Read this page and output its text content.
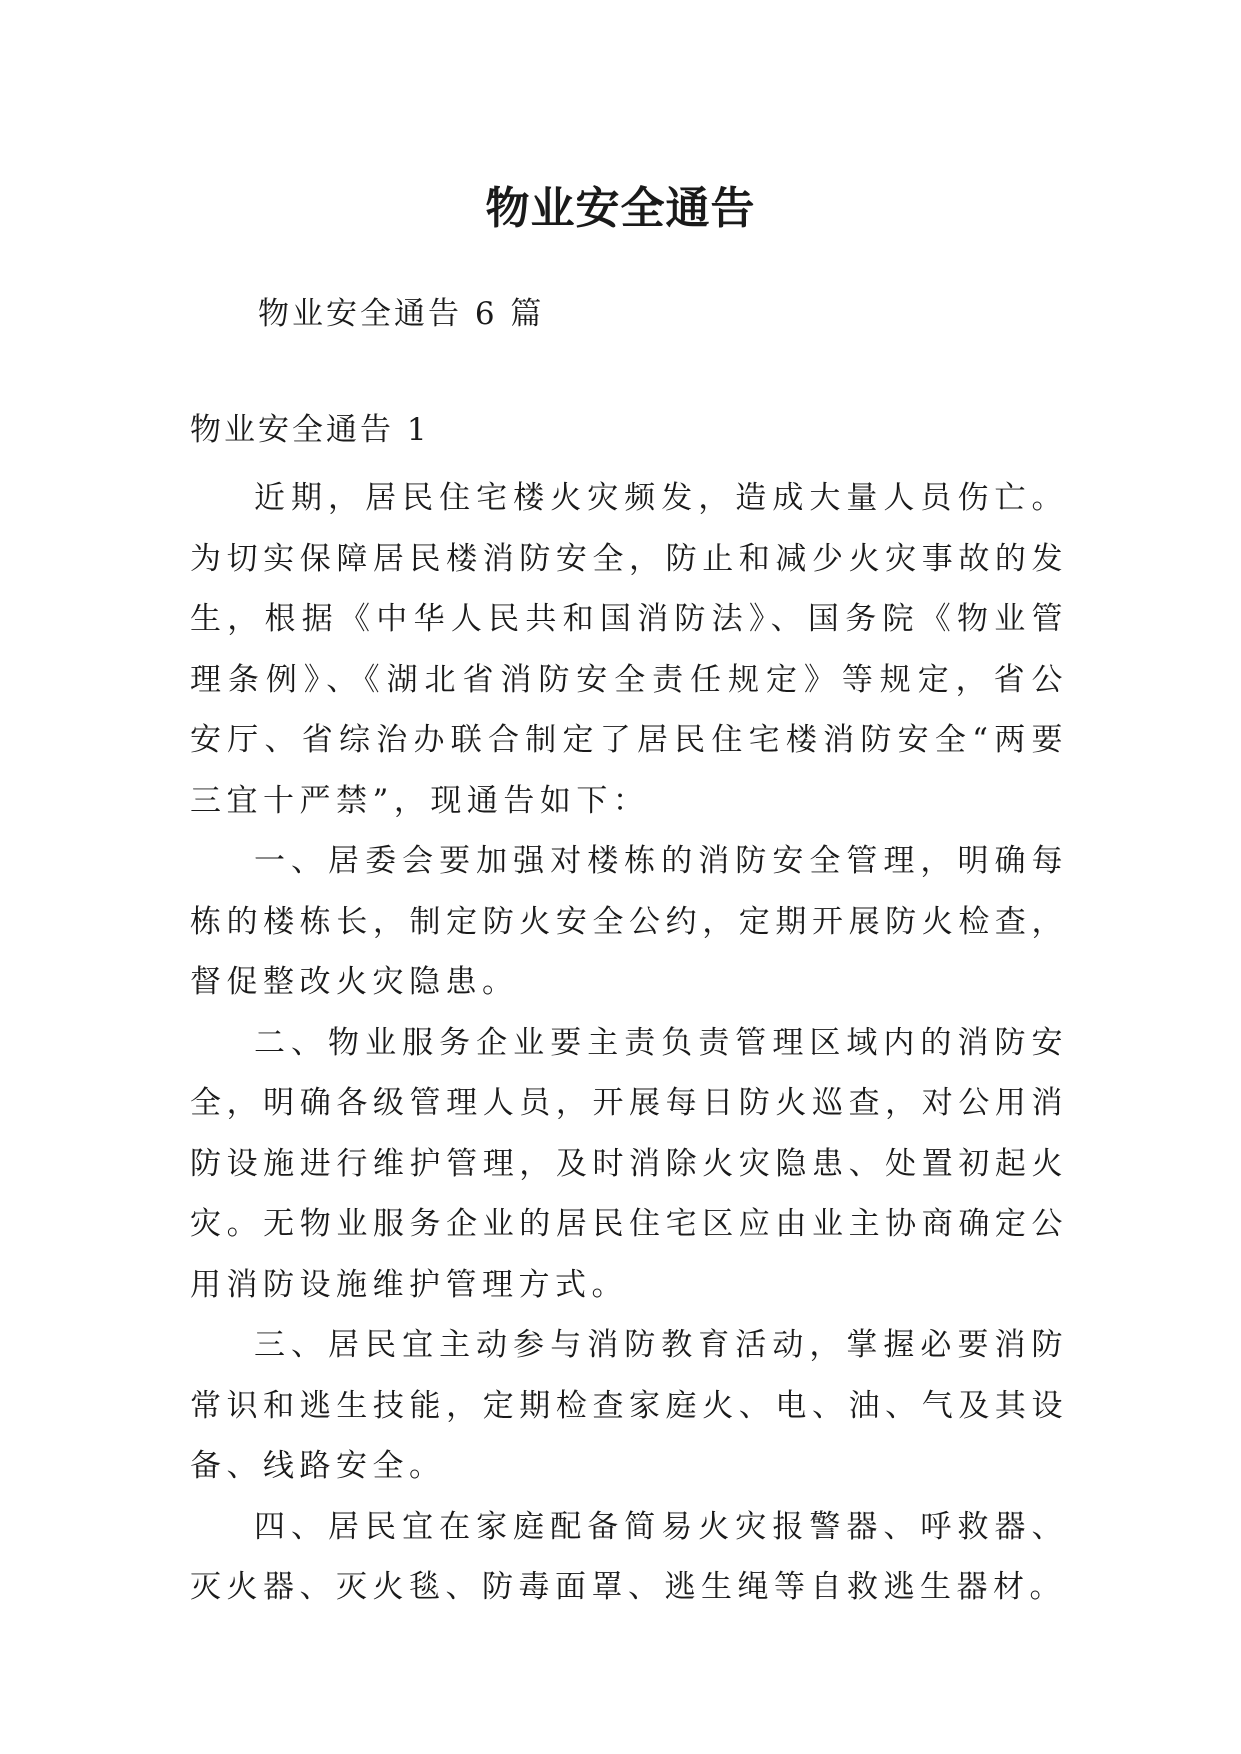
物业安全通告
物业安全通告 6 篇

物业安全通告 1

近期，居民住宅楼火灾频发，造成大量人员伤亡。为切实保障居民楼消防安全，防止和减少火灾事故的发生，根据《中华人民共和国消防法》、国务院《物业管理条例》、《湖北省消防安全责任规定》等规定，省公安厅、省综治办联合制定了居民住宅楼消防安全“两要三宜十严禁”，现通告如下：

一、居委会要加强对楼栋的消防安全管理，明确每栋的楼栋长，制定防火安全公约，定期开展防火检查，督促整改火灾隐患。

二、物业服务企业要主责负责管理区域内的消防安全，明确各级管理人员，开展每日防火巡查，对公用消防设施进行维护管理，及时消除火灾隐患、处置初起火灾。无物业服务企业的居民住宅区应由业主协商确定公用消防设施维护管理方式。

三、居民宜主动参与消防教育活动，掌握必要消防常识和逃生技能，定期检查家庭火、电、油、气及其设备、线路安全。

四、居民宜在家庭配备简易火灾报警器、呼救器、灭火器、灭火毯、防毒面罩、逃生绳等自救逃生器材。
